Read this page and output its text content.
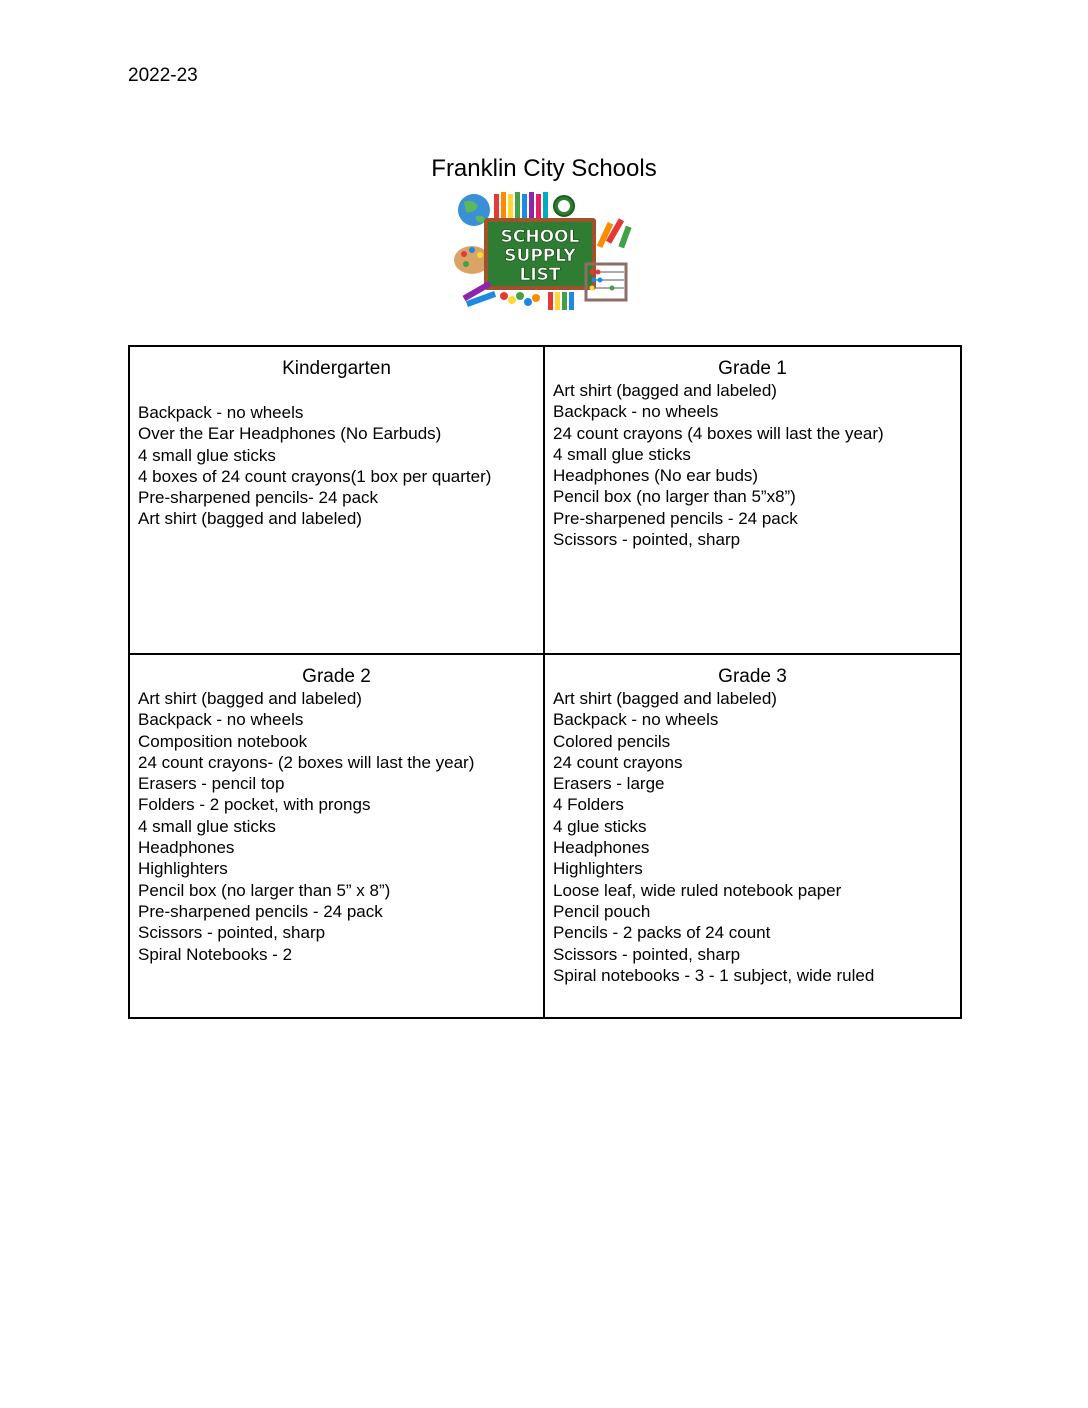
2022-23
Franklin City Schools
SCHOOL
SUPPLY
LIST
Kindergarten
Backpack - no wheels
Over the Ear Headphones (No Earbuds)
4 small glue sticks
4 boxes of 24 count crayons(1 box per quarter)
Pre-sharpened pencils- 24 pack
Art shirt (bagged and labeled)
Grade 1
Art shirt (bagged and labeled)
Backpack - no wheels
24 count crayons (4 boxes will last the year)
4 small glue sticks
Headphones (No ear buds)
Pencil box (no larger than 5”x8”)
Pre-sharpened pencils - 24 pack
Scissors - pointed, sharp
Grade 2
Art shirt (bagged and labeled)
Backpack - no wheels
Composition notebook
24 count crayons- (2 boxes will last the year)
Erasers - pencil top
Folders - 2 pocket, with prongs
4 small glue sticks
Headphones
Highlighters
Pencil box (no larger than 5” x 8”)
Pre-sharpened pencils - 24 pack
Scissors - pointed, sharp
Spiral Notebooks - 2
Grade 3
Art shirt (bagged and labeled)
Backpack - no wheels
Colored pencils
24 count crayons
Erasers - large
4 Folders
4 glue sticks
Headphones
Highlighters
Loose leaf, wide ruled notebook paper
Pencil pouch
Pencils - 2 packs of 24 count
Scissors - pointed, sharp
Spiral notebooks - 3 - 1 subject, wide ruled
